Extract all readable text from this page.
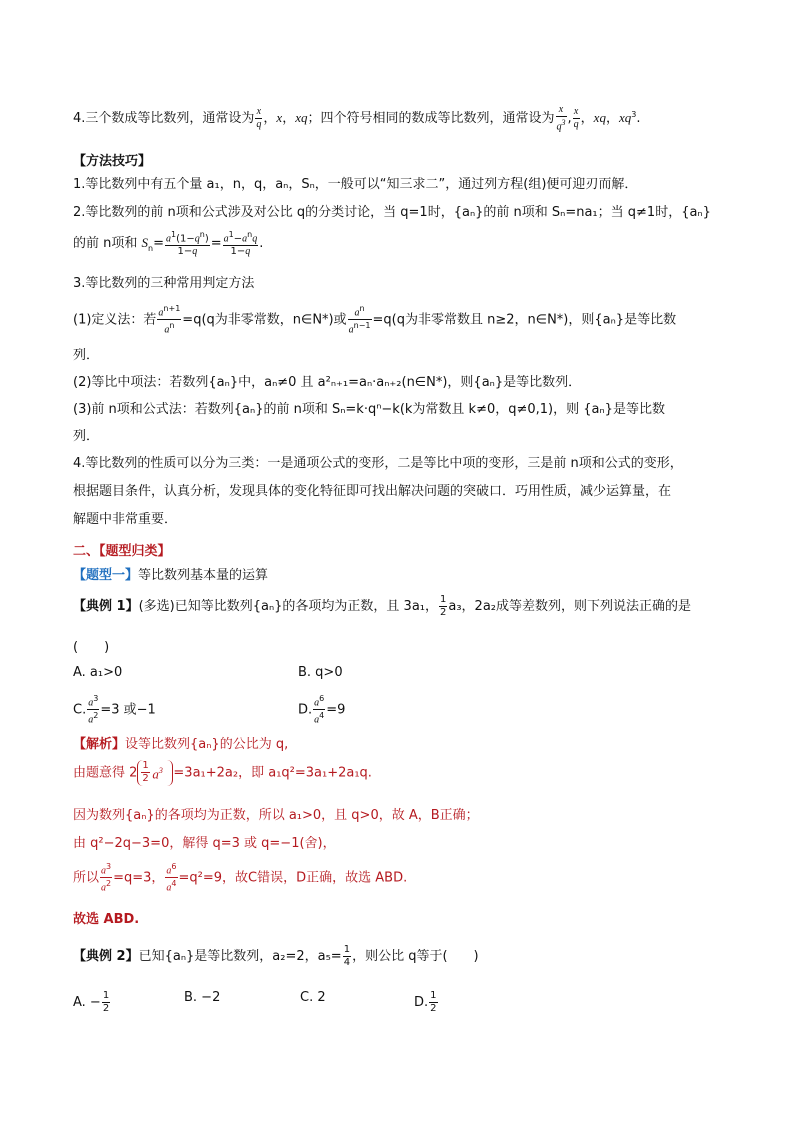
4.三个数成等比数列，通常设为 $\frac{x}{q}$ ，x，xq；四个符号相同的数成等比数列，通常设为 $\frac{x}{q^3}$ , $\frac{x}{q}$ ，xq，$xq^3$.
【方法技巧】
1.等比数列中有五个量 a₁，n，q，aₙ，Sₙ，一般可以“知三求二”，通过列方程(组)便可迎刃而解．
2.等比数列的前 n项和公式涉及对公比 q的分类讨论，当 q=1时，{aₙ}的前 n项和 Sₙ=na₁；当 q≠1时，{aₙ}
的前 n项和 $S_n= \frac{a^1(1-q^n)}{1-q} = \frac{a^1-a^nq}{1-q}$ .
3.等比数列的三种常用判定方法
(1)定义法：若 $\frac{a^{n+1}}{a^n} =q(q$为非零常数，n∈N*)或 $\frac{a^n}{a^{n-1}} =q(q$为非零常数且 n≥2，n∈N*)，则{aₙ}是等比数
列．
(2)等比中项法：若数列{aₙ}中，aₙ≠0 且 a²ₙ₊₁=aₙ·aₙ₊₂(n∈N*)，则{aₙ}是等比数列．
(3)前 n项和公式法：若数列{aₙ}的前 n项和 Sₙ=k·qⁿ−k(k为常数且 k≠0，q≠0,1)，则 {aₙ}是等比数
列．
4.等比数列的性质可以分为三类：一是通项公式的变形，二是等比中项的变形，三是前 n项和公式的变形，
根据题目条件，认真分析，发现具体的变化特征即可找出解决问题的突破口．巧用性质，减少运算量，在
解题中非常重要．
二、【题型归类】
【题型一】等比数列基本量的运算
【典例 1】(多选)已知等比数列{aₙ}的各项均为正数，且 3a₁， $\frac{1}{2} a_3$，2a₂成等差数列，则下列说法正确的是
(　　)
A. a₁>0	B. q>0
C. $\frac{a^3}{a^2} =3$ 或−1	D. $\frac{a^6}{a^4} =9$
【解析】设等比数列{aₙ}的公比为 q,
由题意得 $2 \frac{1}{2} a^3 =3a_1+2a_2$，即 a₁q²=3a₁+2a₁q.
因为数列{aₙ}的各项均为正数，所以 a₁>0，且 q>0，故 A，B正确；
由 q²−2q−3=0，解得 q=3 或 q=−1(舍)，
所以 $\frac{a^3}{a^2} =q=3$， $\frac{a^6}{a^4} =q^2=9$，故C错误，D正确，故选 ABD.
故选 ABD.
【典例 2】已知{aₙ}是等比数列，a₂=2，$a_5= \frac{1}{4}$ ，则公比 q等于(　　)
A. − $\frac{1}{2}$	B. −2	C. 2	D. $\frac{1}{2}$
